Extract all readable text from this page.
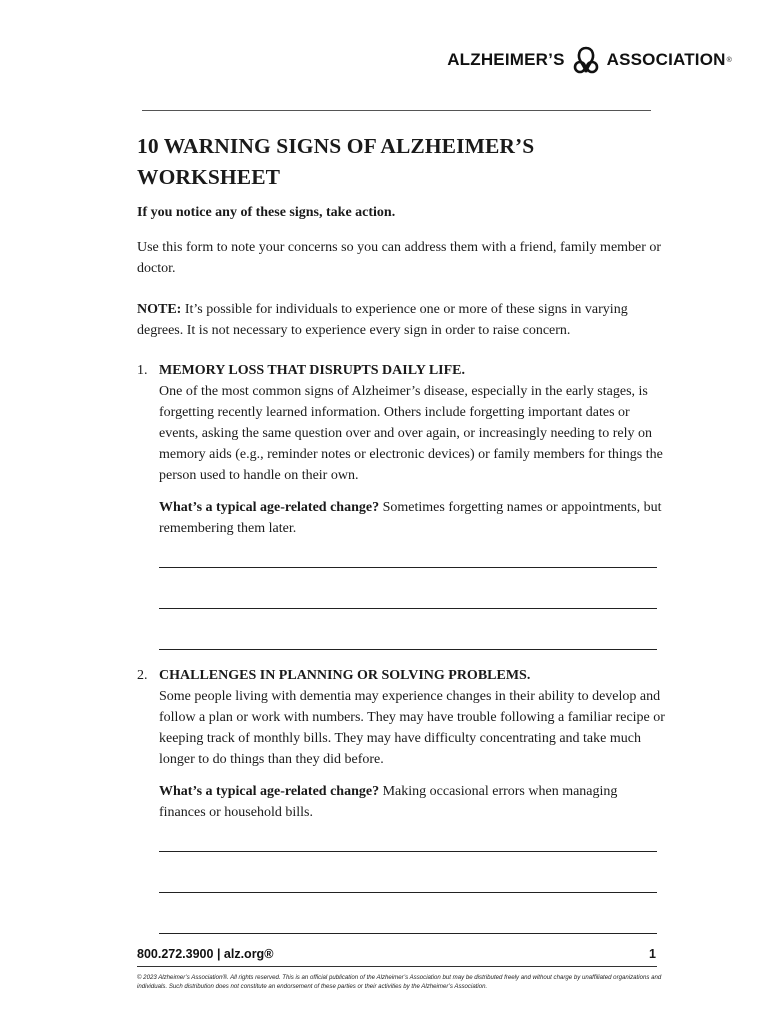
ALZHEIMER’S ASSOCIATION ®
10 WARNING SIGNS OF ALZHEIMER’S
WORKSHEET

If you notice any of these signs, take action.

Use this form to note your concerns so you can address them with a friend, family member or doctor.

NOTE: It’s possible for individuals to experience one or more of these signs in varying degrees. It is not necessary to experience every sign in order to raise concern.

1. MEMORY LOSS THAT DISRUPTS DAILY LIFE.
One of the most common signs of Alzheimer’s disease, especially in the early stages, is forgetting recently learned information. Others include forgetting important dates or events, asking the same question over and over again, or increasingly needing to rely on memory aids (e.g., reminder notes or electronic devices) or family members for things the person used to handle on their own.
What’s a typical age-related change? Sometimes forgetting names or appointments, but remembering them later.
2. CHALLENGES IN PLANNING OR SOLVING PROBLEMS.
Some people living with dementia may experience changes in their ability to develop and follow a plan or work with numbers. They may have trouble following a familiar recipe or keeping track of monthly bills. They may have difficulty concentrating and take much longer to do things than they did before.
What’s a typical age-related change? Making occasional errors when managing finances or household bills.
800.272.3900 | alz.org®	1

© 2023 Alzheimer’s Association®. All rights reserved. This is an official publication of the Alzheimer’s Association but may be distributed freely and without charge by unaffiliated organizations and individuals. Such distribution does not constitute an endorsement of these parties or their activities by the Alzheimer’s Association.
